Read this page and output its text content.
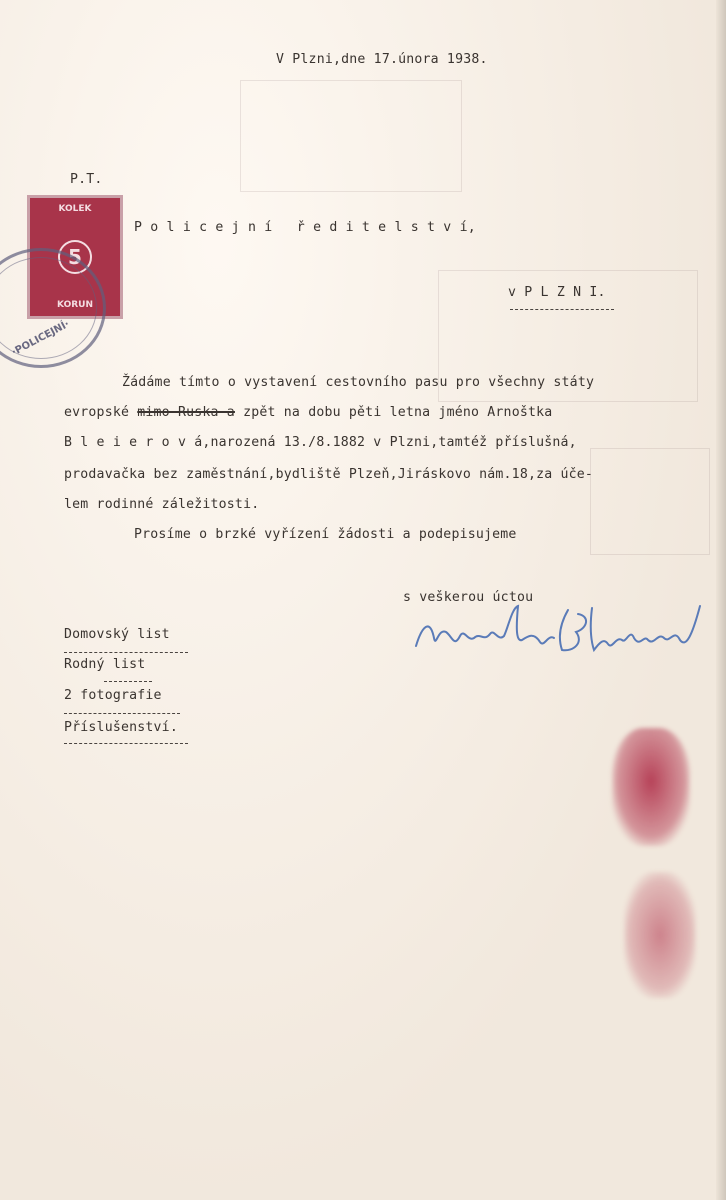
V Plzni,dne 17.února 1938.
KOLEK
5
KORUN
·POLICEJNÍ·
P.T.
P o l i c e j n í   ř e d i t e l s t v í,
v P L Z N I.
Žádáme tímto o vystavení cestovního pasu pro všechny státy
evropské mimo Ruska a zpět na dobu pěti letna jméno Arnoštka
B l e i e r o v á,narozená 13./8.1882 v Plzni,tamtéž příslušná,
prodavačka bez zaměstnání,bydliště Plzeň,Jiráskovo nám.18,za úče-
lem rodinné záležitosti.
Prosíme o brzké vyřízení žádosti a podepisujeme
s veškerou úctou
Domovský list
Rodný list
2 fotografie
Příslušenství.
